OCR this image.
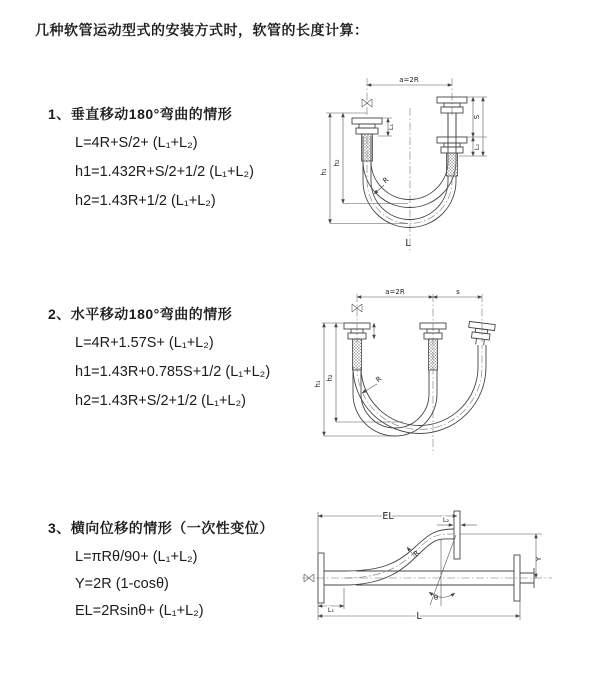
几种软管运动型式的安装方式时，软管的长度计算：
1、垂直移动180°弯曲的情形
L=4R+S/2+ (L₁+L₂)
h1=1.432R+S/2+1/2 (L₁+L₂)
h2=1.43R+1/2 (L₁+L₂)
2、水平移动180°弯曲的情形
L=4R+1.57S+ (L₁+L₂)
h1=1.43R+0.785S+1/2 (L₁+L₂)
h2=1.43R+S/2+1/2 (L₁+L₂)
3、横向位移的情形（一次性变位）
L=πRθ/90+ (L₁+L₂)
Y=2R (1-cosθ)
EL=2Rsinθ+ (L₁+L₂)
a=2R
h₁
h₂
S
L₂
L₁
R
L
a=2R	s
h₁
h₂	R
θ
R
EL	L₂
Y
L₁
L
